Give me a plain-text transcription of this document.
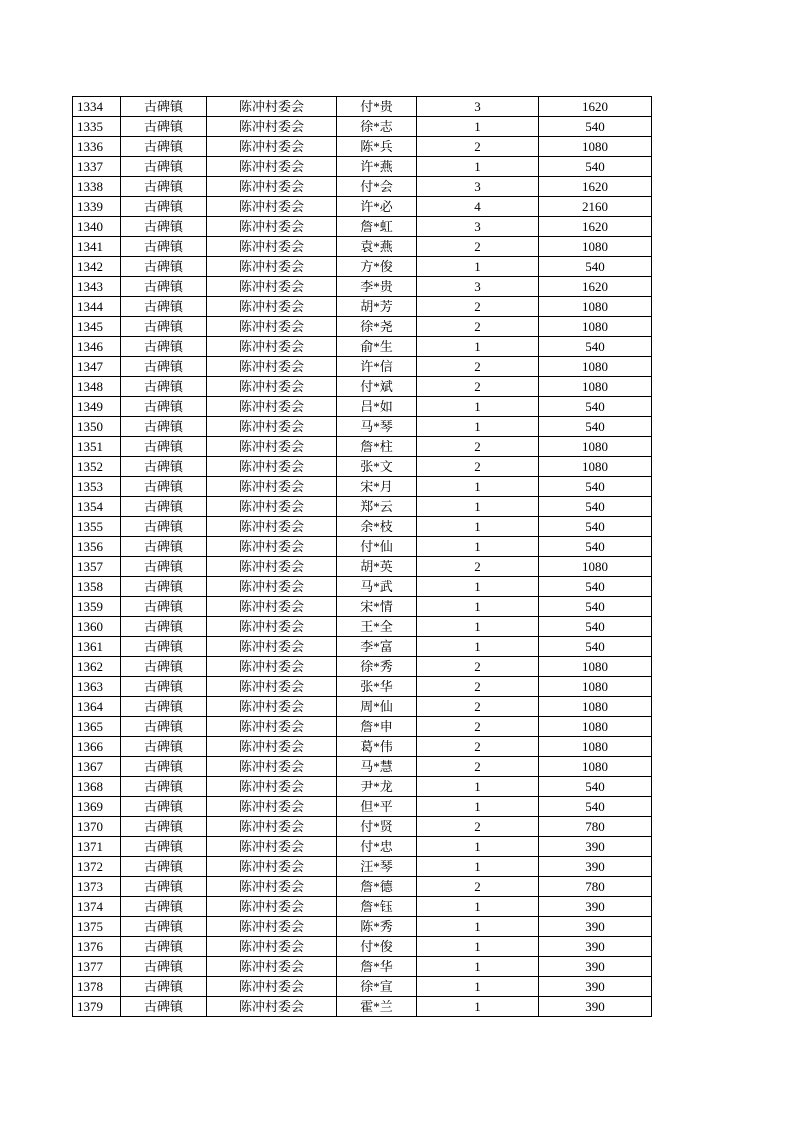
1334	古碑镇	陈冲村委会	付*贵	3	1620
1335	古碑镇	陈冲村委会	徐*志	1	540
1336	古碑镇	陈冲村委会	陈*兵	2	1080
1337	古碑镇	陈冲村委会	许*燕	1	540
1338	古碑镇	陈冲村委会	付*会	3	1620
1339	古碑镇	陈冲村委会	许*必	4	2160
1340	古碑镇	陈冲村委会	詹*虹	3	1620
1341	古碑镇	陈冲村委会	袁*燕	2	1080
1342	古碑镇	陈冲村委会	方*俊	1	540
1343	古碑镇	陈冲村委会	李*贵	3	1620
1344	古碑镇	陈冲村委会	胡*芳	2	1080
1345	古碑镇	陈冲村委会	徐*尧	2	1080
1346	古碑镇	陈冲村委会	俞*生	1	540
1347	古碑镇	陈冲村委会	许*信	2	1080
1348	古碑镇	陈冲村委会	付*斌	2	1080
1349	古碑镇	陈冲村委会	吕*如	1	540
1350	古碑镇	陈冲村委会	马*琴	1	540
1351	古碑镇	陈冲村委会	詹*柱	2	1080
1352	古碑镇	陈冲村委会	张*文	2	1080
1353	古碑镇	陈冲村委会	宋*月	1	540
1354	古碑镇	陈冲村委会	郑*云	1	540
1355	古碑镇	陈冲村委会	余*枝	1	540
1356	古碑镇	陈冲村委会	付*仙	1	540
1357	古碑镇	陈冲村委会	胡*英	2	1080
1358	古碑镇	陈冲村委会	马*武	1	540
1359	古碑镇	陈冲村委会	宋*情	1	540
1360	古碑镇	陈冲村委会	王*全	1	540
1361	古碑镇	陈冲村委会	李*富	1	540
1362	古碑镇	陈冲村委会	徐*秀	2	1080
1363	古碑镇	陈冲村委会	张*华	2	1080
1364	古碑镇	陈冲村委会	周*仙	2	1080
1365	古碑镇	陈冲村委会	詹*申	2	1080
1366	古碑镇	陈冲村委会	葛*伟	2	1080
1367	古碑镇	陈冲村委会	马*慧	2	1080
1368	古碑镇	陈冲村委会	尹*龙	1	540
1369	古碑镇	陈冲村委会	但*平	1	540
1370	古碑镇	陈冲村委会	付*贤	2	780
1371	古碑镇	陈冲村委会	付*忠	1	390
1372	古碑镇	陈冲村委会	汪*琴	1	390
1373	古碑镇	陈冲村委会	詹*德	2	780
1374	古碑镇	陈冲村委会	詹*钰	1	390
1375	古碑镇	陈冲村委会	陈*秀	1	390
1376	古碑镇	陈冲村委会	付*俊	1	390
1377	古碑镇	陈冲村委会	詹*华	1	390
1378	古碑镇	陈冲村委会	徐*宣	1	390
1379	古碑镇	陈冲村委会	霍*兰	1	390
